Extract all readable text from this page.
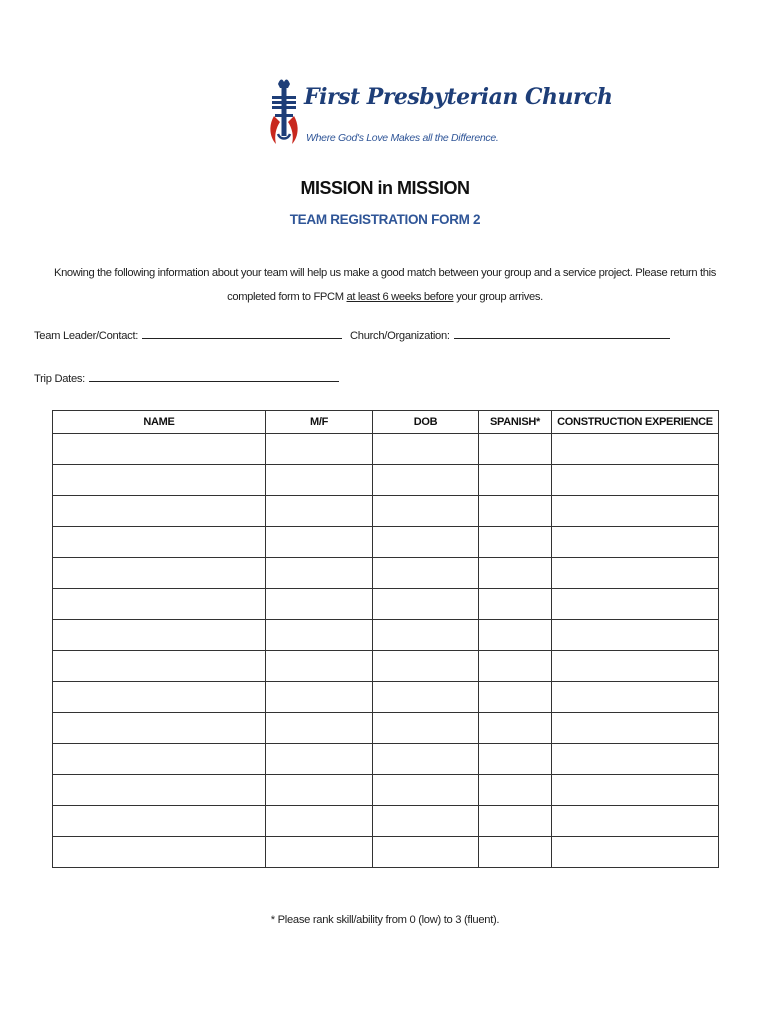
First Presbyterian Church
Where God's Love Makes all the Difference.
MISSION in MISSION
TEAM REGISTRATION FORM 2
Knowing the following information about your team will help us make a good match between your group and a service project. Please return this completed form to FPCM at least 6 weeks before your group arrives.
Team Leader/Contact:	Church/Organization:
Trip Dates:
NAME	M/F	DOB	SPANISH*	CONSTRUCTION EXPERIENCE

* Please rank skill/ability from 0 (low) to 3 (fluent).
